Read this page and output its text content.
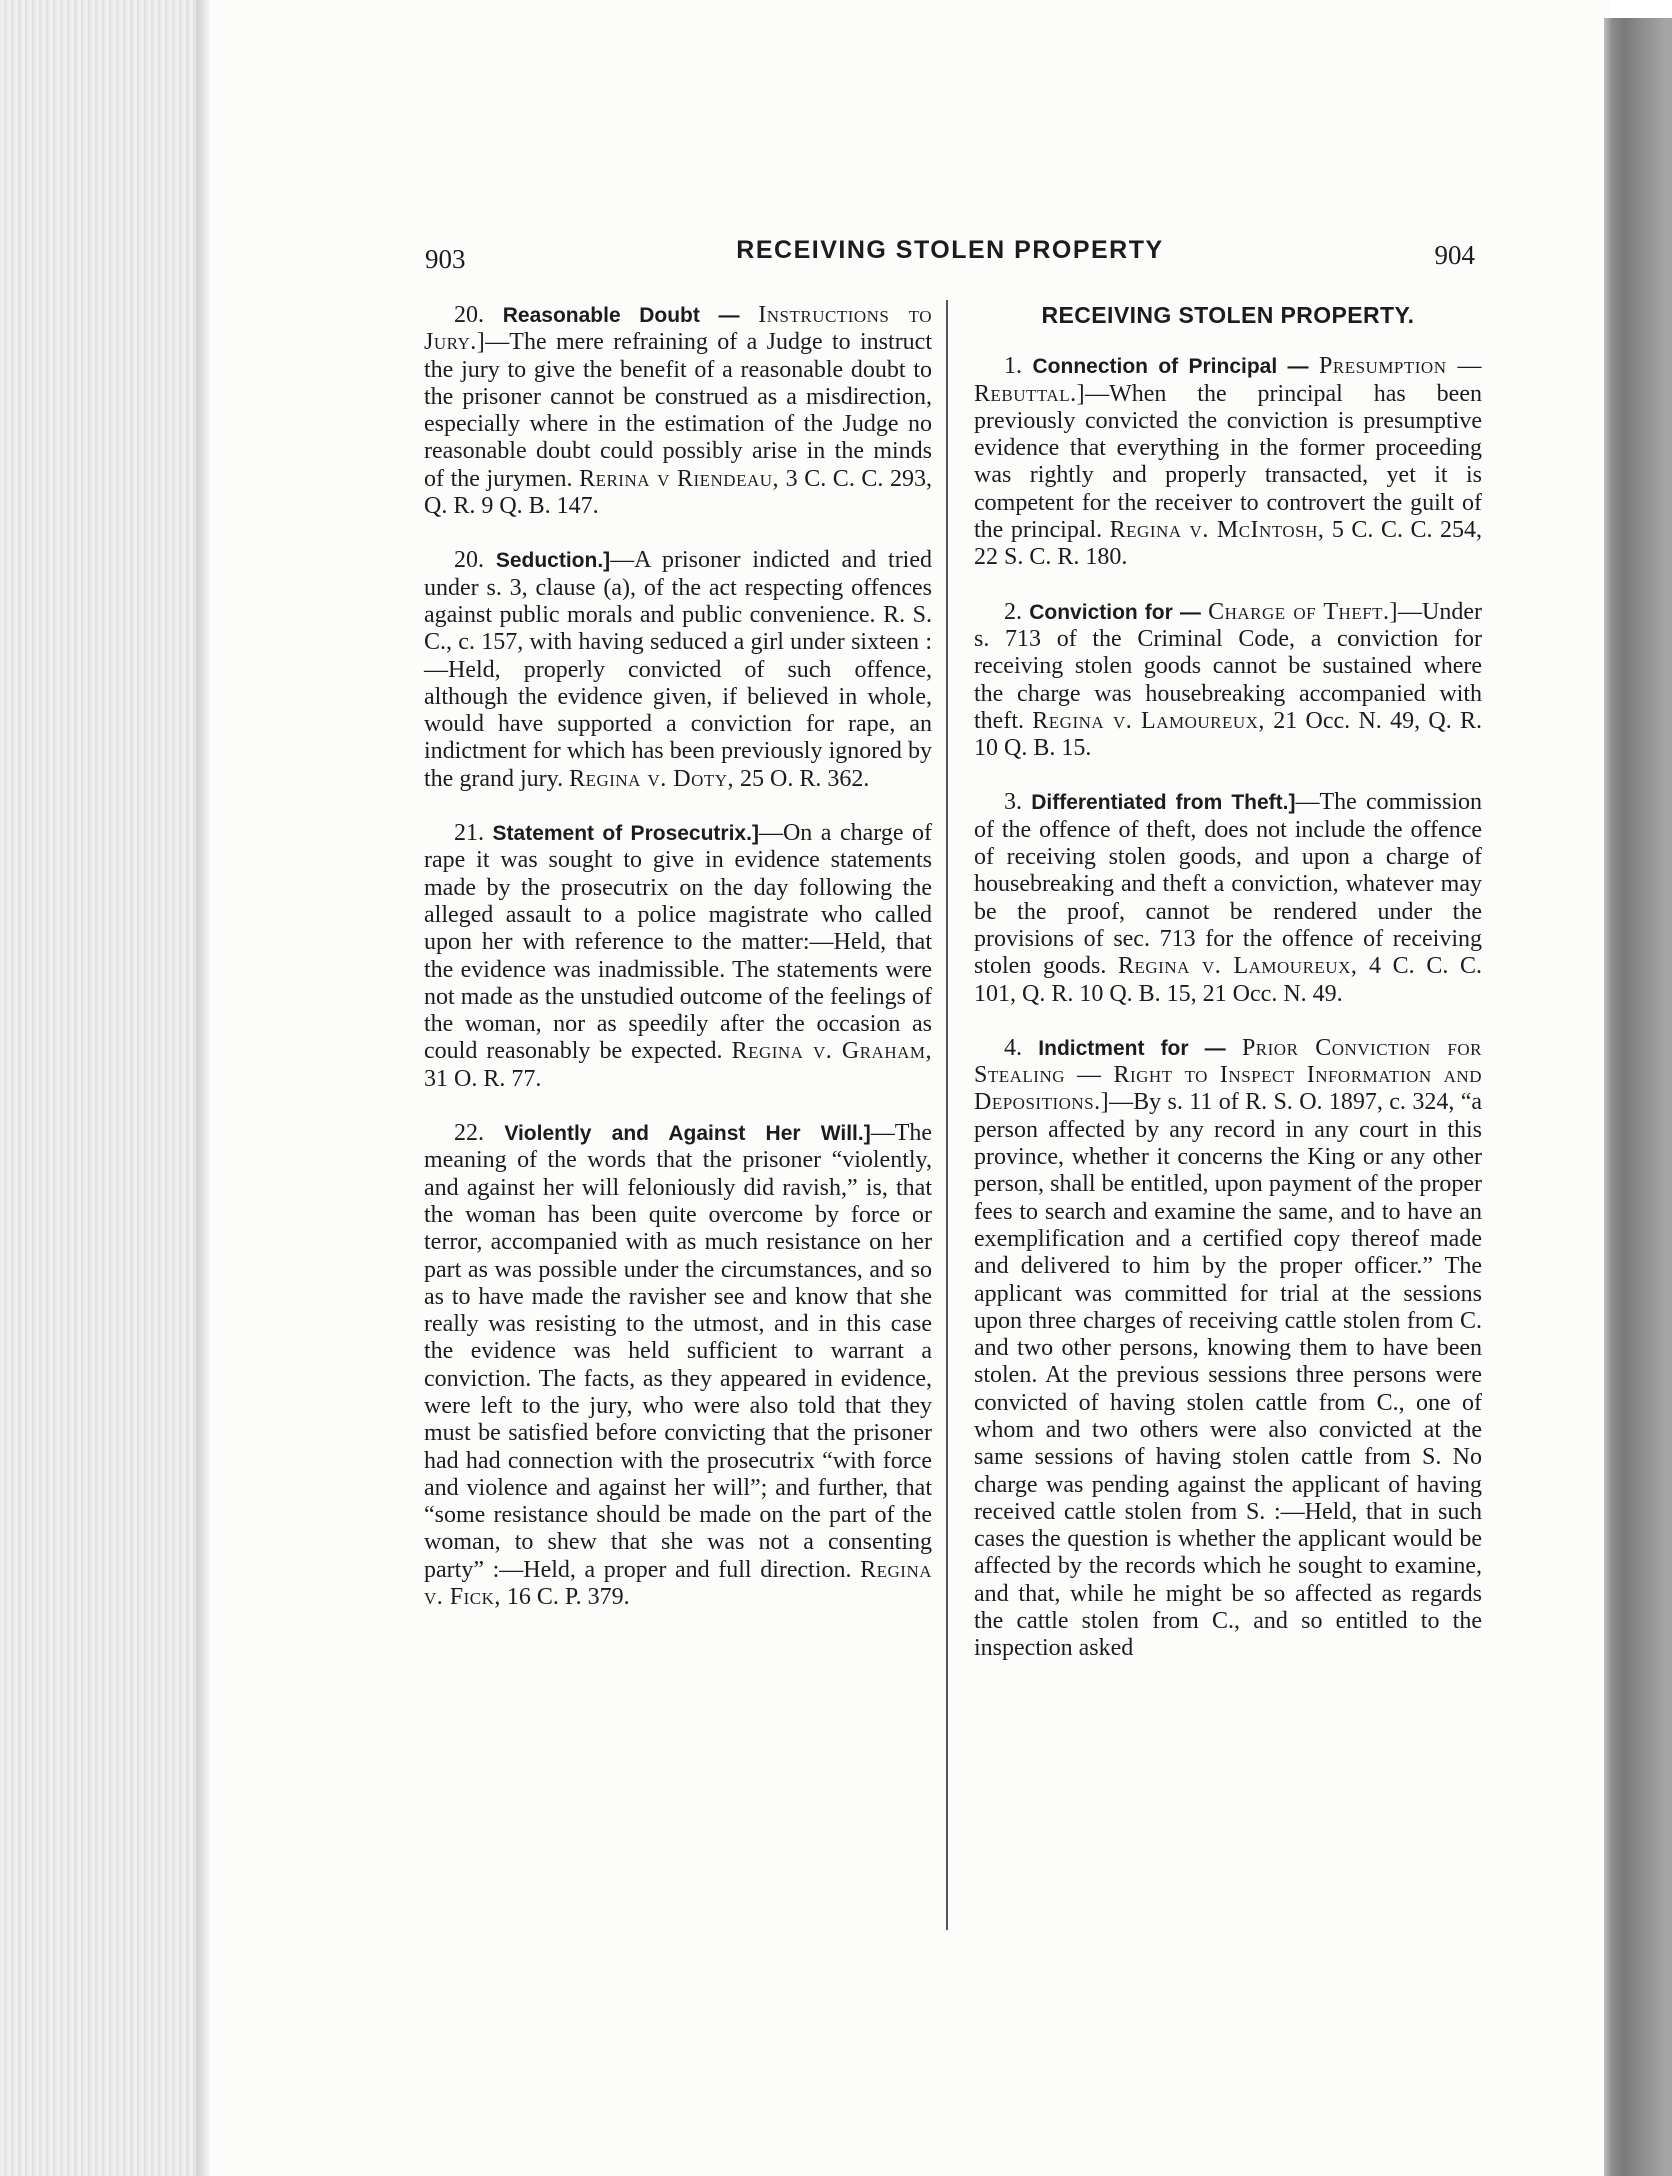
903	RECEIVING STOLEN PROPERTY	904

20. Reasonable Doubt — Instructions to Jury.]—The mere refraining of a Judge to instruct the jury to give the benefit of a reasonable doubt to the prisoner cannot be construed as a misdirection, especially where in the estimation of the Judge no reasonable doubt could possibly arise in the minds of the jurymen. Rerina v Riendeau, 3 C. C. C. 293, Q. R. 9 Q. B. 147.

20. Seduction.]—A prisoner indicted and tried under s. 3, clause (a), of the act respecting offences against public morals and public convenience. R. S. C., c. 157, with having seduced a girl under sixteen :—Held, properly convicted of such offence, although the evidence given, if believed in whole, would have supported a conviction for rape, an indictment for which has been previously ignored by the grand jury. Regina v. Doty, 25 O. R. 362.

21. Statement of Prosecutrix.]—On a charge of rape it was sought to give in evidence statements made by the prosecutrix on the day following the alleged assault to a police magistrate who called upon her with reference to the matter:—Held, that the evidence was inadmissible. The statements were not made as the unstudied outcome of the feelings of the woman, nor as speedily after the occasion as could reasonably be expected. Regina v. Graham, 31 O. R. 77.

22. Violently and Against Her Will.]—The meaning of the words that the prisoner “violently, and against her will feloniously did ravish,” is, that the woman has been quite overcome by force or terror, accompanied with as much resistance on her part as was possible under the circumstances, and so as to have made the ravisher see and know that she really was resisting to the utmost, and in this case the evidence was held sufficient to warrant a conviction. The facts, as they appeared in evidence, were left to the jury, who were also told that they must be satisfied before convicting that the prisoner had had connection with the prosecutrix “with force and violence and against her will”; and further, that “some resistance should be made on the part of the woman, to shew that she was not a consenting party” :—Held, a proper and full direction. Regina v. Fick, 16 C. P. 379.

RECEIVING STOLEN PROPERTY.

1. Connection of Principal — Presumption — Rebuttal.]—When the principal has been previously convicted the conviction is presumptive evidence that everything in the former proceeding was rightly and properly transacted, yet it is competent for the receiver to controvert the guilt of the principal. Regina v. McIntosh, 5 C. C. C. 254, 22 S. C. R. 180.

2. Conviction for — Charge of Theft.]—Under s. 713 of the Criminal Code, a conviction for receiving stolen goods cannot be sustained where the charge was housebreaking accompanied with theft. Regina v. Lamoureux, 21 Occ. N. 49, Q. R. 10 Q. B. 15.

3. Differentiated from Theft.]—The commission of the offence of theft, does not include the offence of receiving stolen goods, and upon a charge of housebreaking and theft a conviction, whatever may be the proof, cannot be rendered under the provisions of sec. 713 for the offence of receiving stolen goods. Regina v. Lamoureux, 4 C. C. C. 101, Q. R. 10 Q. B. 15, 21 Occ. N. 49.

4. Indictment for — Prior Conviction for Stealing — Right to Inspect Information and Depositions.]—By s. 11 of R. S. O. 1897, c. 324, “a person affected by any record in any court in this province, whether it concerns the King or any other person, shall be entitled, upon payment of the proper fees to search and examine the same, and to have an exemplification and a certified copy thereof made and delivered to him by the proper officer.” The applicant was committed for trial at the sessions upon three charges of receiving cattle stolen from C. and two other persons, knowing them to have been stolen. At the previous sessions three persons were convicted of having stolen cattle from C., one of whom and two others were also convicted at the same sessions of having stolen cattle from S. No charge was pending against the applicant of having received cattle stolen from S. :—Held, that in such cases the question is whether the applicant would be affected by the records which he sought to examine, and that, while he might be so affected as regards the cattle stolen from C., and so entitled to the inspection asked
